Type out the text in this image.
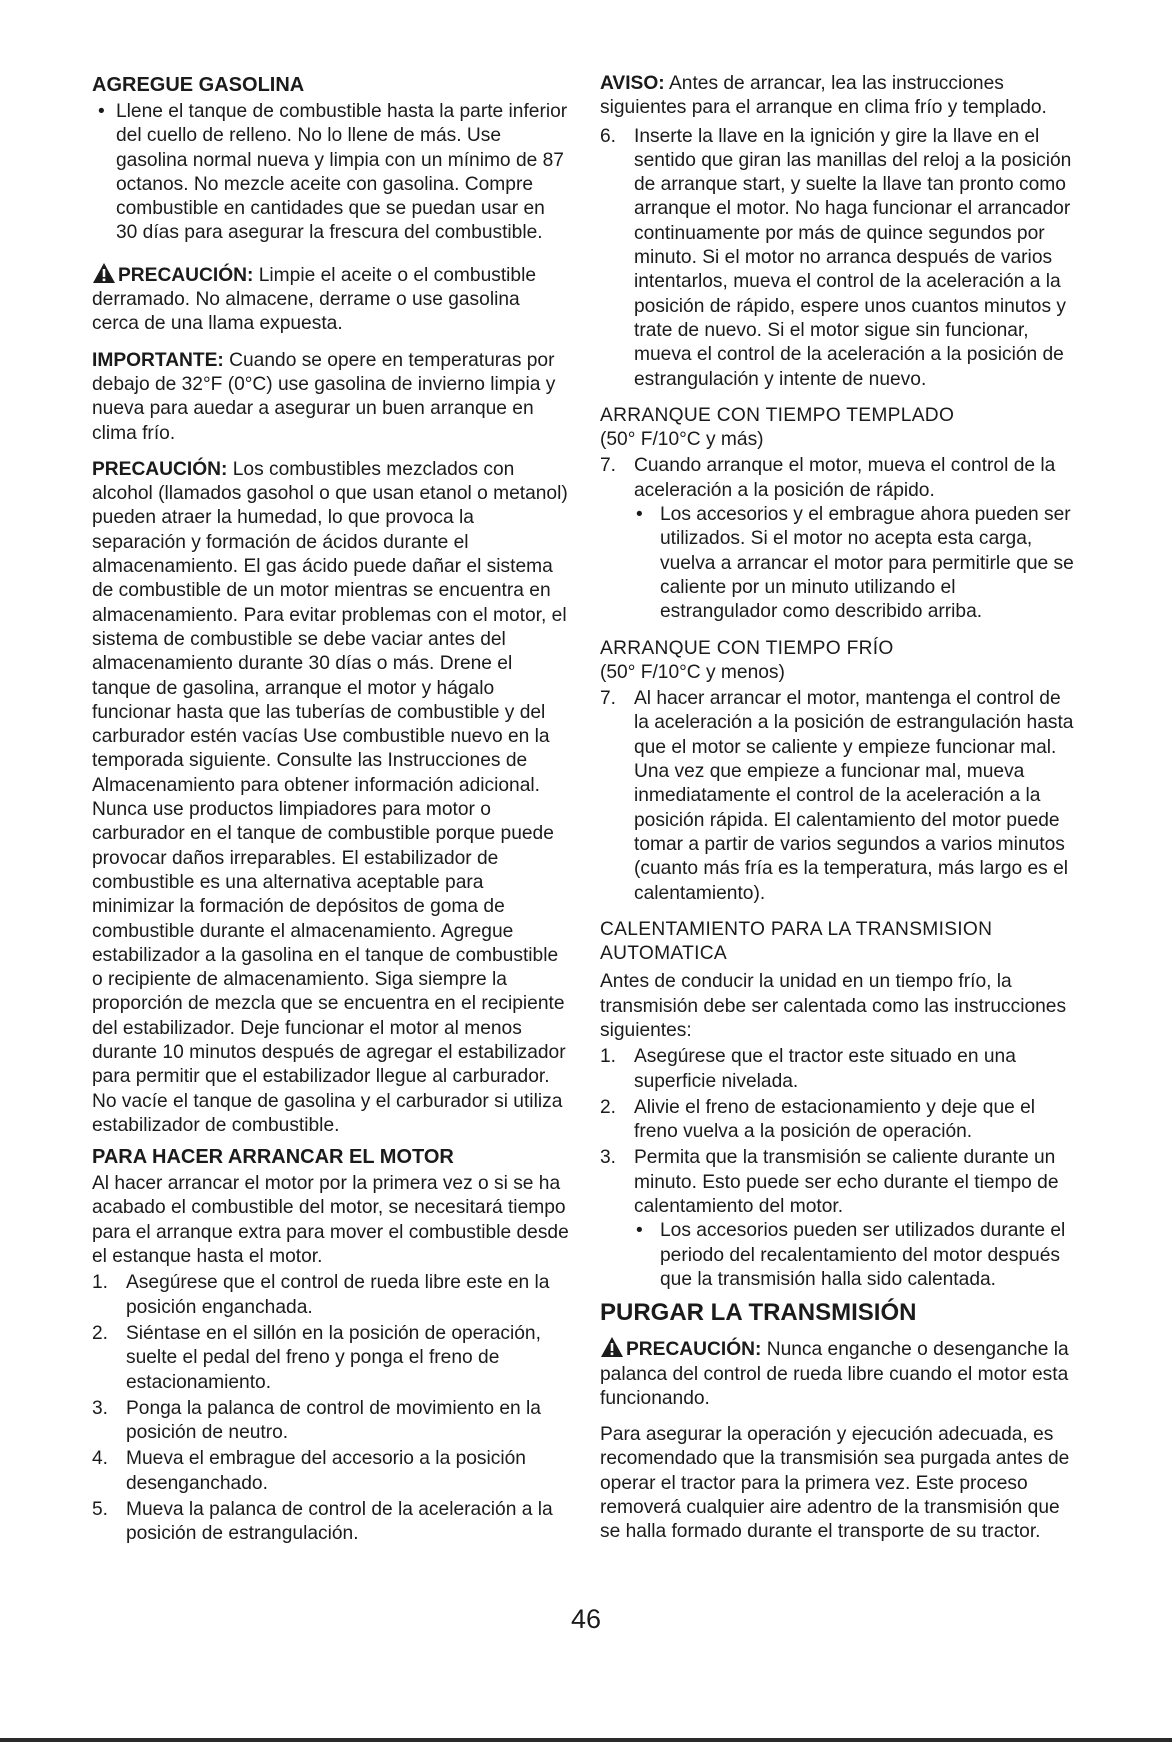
AGREGUE GASOLINA

• Llene el tanque de combustible hasta la parte inferior del cuello de relleno. No lo llene de más. Use gasolina normal nueva y limpia con un mínimo de 87 octanos. No mezcle aceite con gasolina. Compre combustible en cantidades que se puedan usar en 30 días para asegurar la frescura del combustible.

PRECAUCIÓN: Limpie el aceite o el combustible derramado. No almacene, derrame o use gasolina cerca de una llama expuesta.

IMPORTANTE: Cuando se opere en temperaturas por debajo de 32°F (0°C) use gasolina de invierno limpia y nueva para auedar a asegurar un buen arranque en clima frío.

PRECAUCIÓN: Los combustibles mezclados con alcohol (llamados gasohol o que usan etanol o metanol) pueden atraer la humedad, lo que provoca la separación y formación de ácidos durante el almacenamiento. El gas ácido puede dañar el sistema de combustible de un motor mientras se encuentra en almacenamiento. Para evitar problemas con el motor, el sistema de combustible se debe vaciar antes del almacenamiento durante 30 días o más. Drene el tanque de gasolina, arranque el motor y hágalo funcionar hasta que las tuberías de combustible y del carburador estén vacías Use combustible nuevo en la temporada siguiente. Consulte las Instrucciones de Almacenamiento para obtener información adicional. Nunca use productos limpiadores para motor o carburador en el tanque de combustible porque puede provocar daños irreparables. El estabilizador de combustible es una alternativa aceptable para minimizar la formación de depósitos de goma de combustible durante el almacenamiento. Agregue estabilizador a la gasolina en el tanque de combustible o recipiente de almacenamiento. Siga siempre la proporción de mezcla que se encuentra en el recipiente del estabilizador. Deje funcionar el motor al menos durante 10 minutos después de agregar el estabilizador para permitir que el estabilizador llegue al carburador. No vacíe el tanque de gasolina y el carburador si utiliza estabilizador de combustible.

PARA HACER ARRANCAR EL MOTOR

Al hacer arrancar el motor por la primera vez o si se ha acabado el combustible del motor, se necesitará tiempo para el arranque extra para mover el combustible desde el estanque hasta el motor.

1. Asegúrese que el control de rueda libre este en la posición enganchada.
2. Siéntase en el sillón en la posición de operación, suelte el pedal del freno y ponga el freno de estacionamiento.
3. Ponga la palanca de control de movimiento en la posición de neutro.
4. Mueva el embrague del accesorio a la posición desenganchado.
5. Mueva la palanca de control de la aceleración a la posición de estrangulación.

AVISO: Antes de arrancar, lea las instrucciones siguientes para el arranque en clima frío y templado.

6. Inserte la llave en la ignición y gire la llave en el sentido que giran las manillas del reloj a la posición de arranque start, y suelte la llave tan pronto como arranque el motor. No haga funcionar el arrancador continuamente por más de quince segundos por minuto. Si el motor no arranca después de varios intentarlos, mueva el control de la aceleración a la posición de rápido, espere unos cuantos minutos y trate de nuevo. Si el motor sigue sin funcionar, mueva el control de la aceleración a la posición de estrangulación y intente de nuevo.

ARRANQUE CON TIEMPO TEMPLADO

(50° F/10°C y más)

7. Cuando arranque el motor, mueva el control de la aceleración a la posición de rápido.

• Los accesorios y el embrague ahora pueden ser utilizados. Si el motor no acepta esta carga, vuelva a arrancar el motor para permitirle que se caliente por un minuto utilizando el estrangulador como describido arriba.

ARRANQUE CON TIEMPO FRÍO

(50° F/10°C y menos)

7. Al hacer arrancar el motor, mantenga el control de la aceleración a la posición de estrangulación hasta que el motor se caliente y empieze funcionar mal. Una vez que empieze a funcionar mal, mueva inmediatamente el control de la aceleración a la posición rápida. El calentamiento del motor puede tomar a partir de varios segundos a varios minutos (cuanto más fría es la temperatura, más largo es el calentamiento).

CALENTAMIENTO PARA LA TRANSMISION AUTOMATICA

Antes de conducir la unidad en un tiempo frío, la transmisión debe ser calentada como las instrucciones siguientes:

1. Asegúrese que el tractor este situado en una superficie nivelada.
2. Alivie el freno de estacionamiento y deje que el freno vuelva a la posición de operación.
3. Permita que la transmisión se caliente durante un minuto. Esto puede ser echo durante el tiempo de calentamiento del motor.

• Los accesorios pueden ser utilizados durante el periodo del recalentamiento del motor después que la transmisión halla sido calentada.

PURGAR LA TRANSMISIÓN

PRECAUCIÓN: Nunca enganche o desenganche la palanca del control de rueda libre cuando el motor esta funcionando.

Para asegurar la operación y ejecución adecuada, es recomendado que la transmisión sea purgada antes de operar el tractor para la primera vez. Este proceso removerá cualquier aire adentro de la transmisión que se halla formado durante el transporte de su tractor.

46
